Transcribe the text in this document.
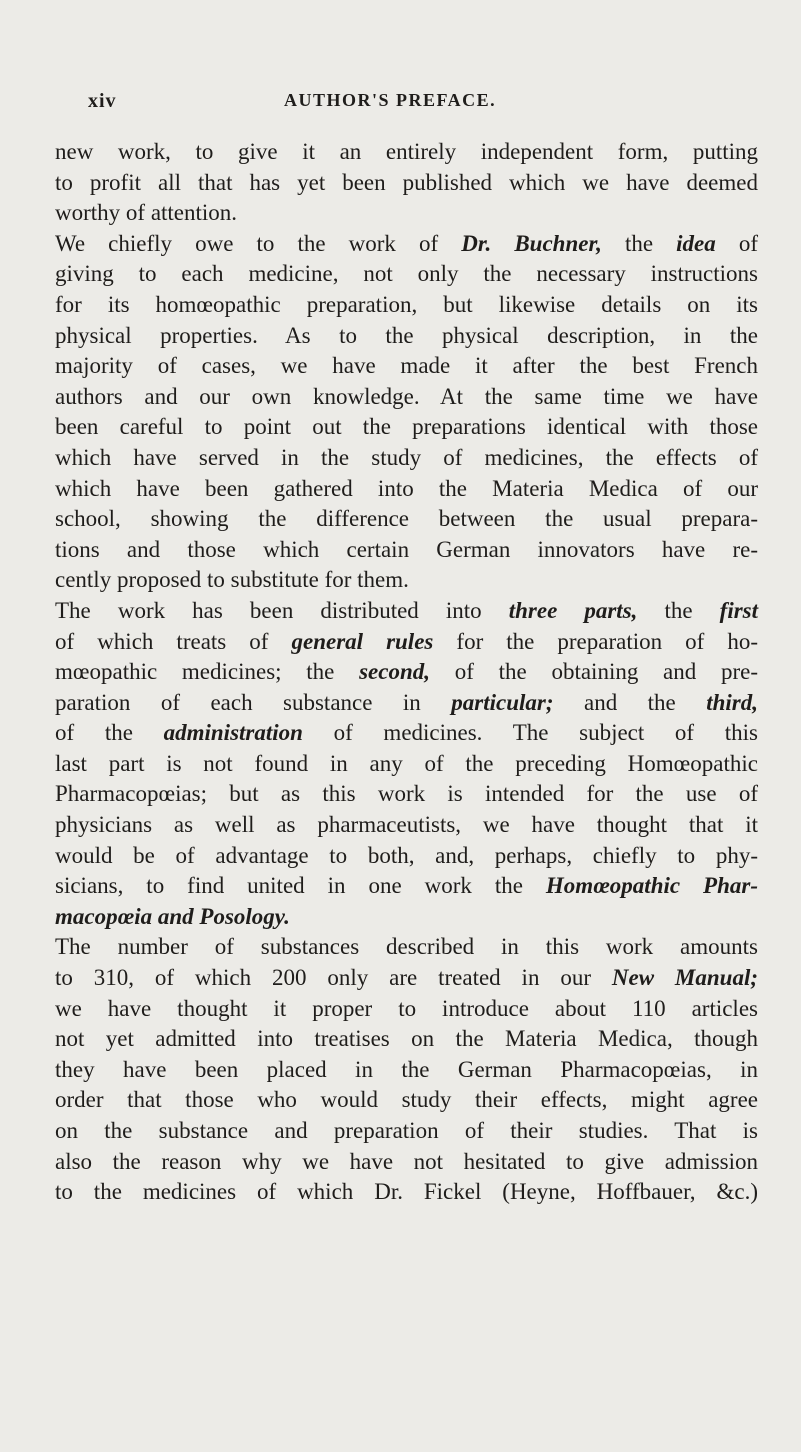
xiv	AUTHOR'S PREFACE.
new work, to give it an entirely independent form, putting
to profit all that has yet been published which we have deemed
worthy of attention.
We chiefly owe to the work of Dr. Buchner, the idea of
giving to each medicine, not only the necessary instructions
for its homœopathic preparation, but likewise details on its
physical properties. As to the physical description, in the
majority of cases, we have made it after the best French
authors and our own knowledge. At the same time we have
been careful to point out the preparations identical with those
which have served in the study of medicines, the effects of
which have been gathered into the Materia Medica of our
school, showing the difference between the usual prepara-
tions and those which certain German innovators have re-
cently proposed to substitute for them.
The work has been distributed into three parts, the first
of which treats of general rules for the preparation of ho-
mœopathic medicines; the second, of the obtaining and pre-
paration of each substance in particular; and the third,
of the administration of medicines. The subject of this
last part is not found in any of the preceding Homœopathic
Pharmacopœias; but as this work is intended for the use of
physicians as well as pharmaceutists, we have thought that it
would be of advantage to both, and, perhaps, chiefly to phy-
sicians, to find united in one work the Homœopathic Phar-
macopœia and Posology.
The number of substances described in this work amounts
to 310, of which 200 only are treated in our New Manual;
we have thought it proper to introduce about 110 articles
not yet admitted into treatises on the Materia Medica, though
they have been placed in the German Pharmacopœias, in
order that those who would study their effects, might agree
on the substance and preparation of their studies. That is
also the reason why we have not hesitated to give admission
to the medicines of which Dr. Fickel (Heyne, Hoffbauer, &c.)
